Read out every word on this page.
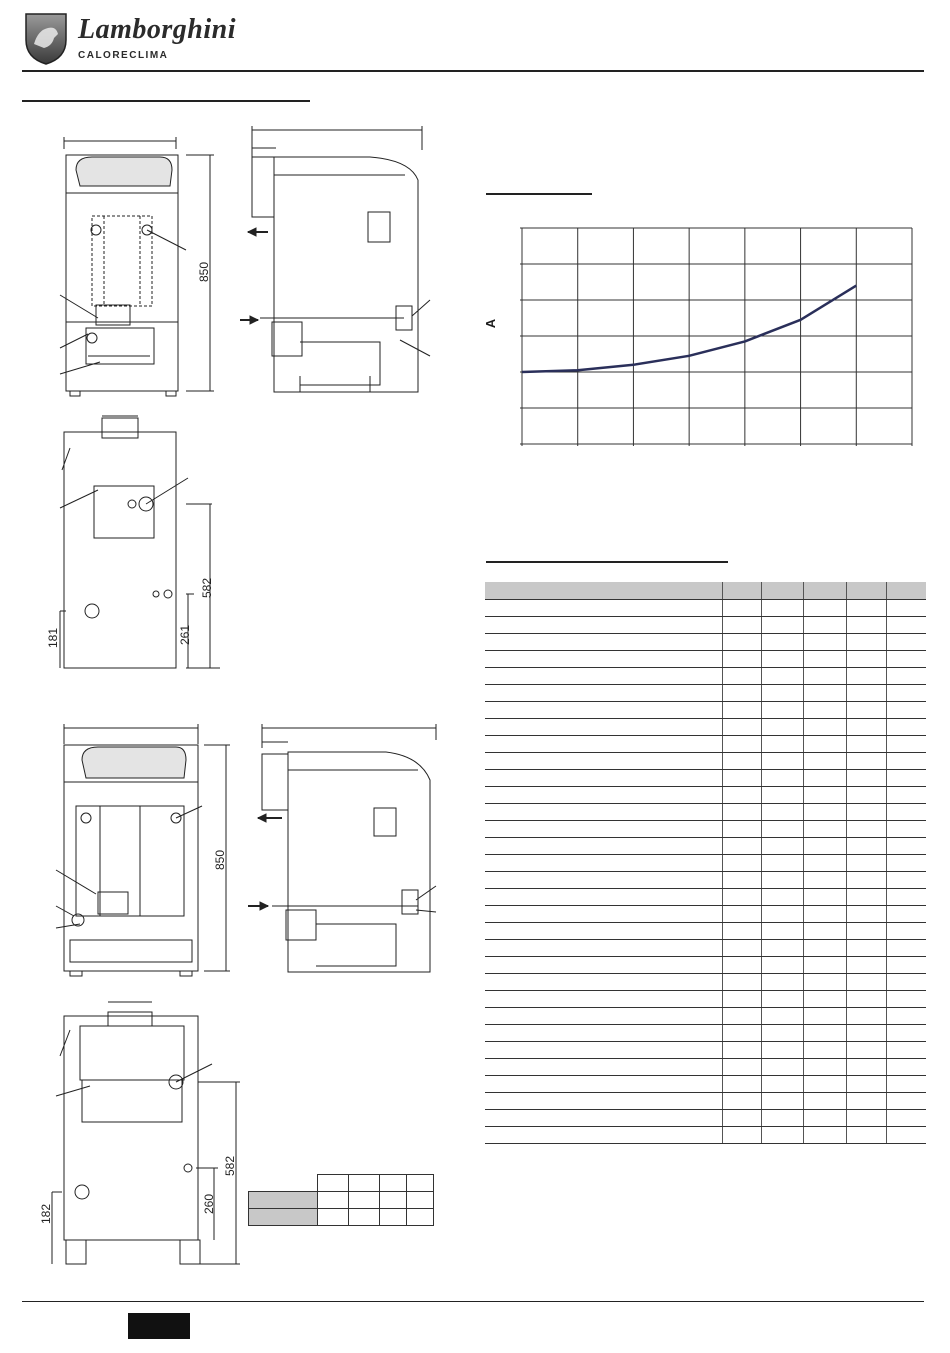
Lamborghini
CALORECLIMA
850
582
181	261
850
582
182	260

A
